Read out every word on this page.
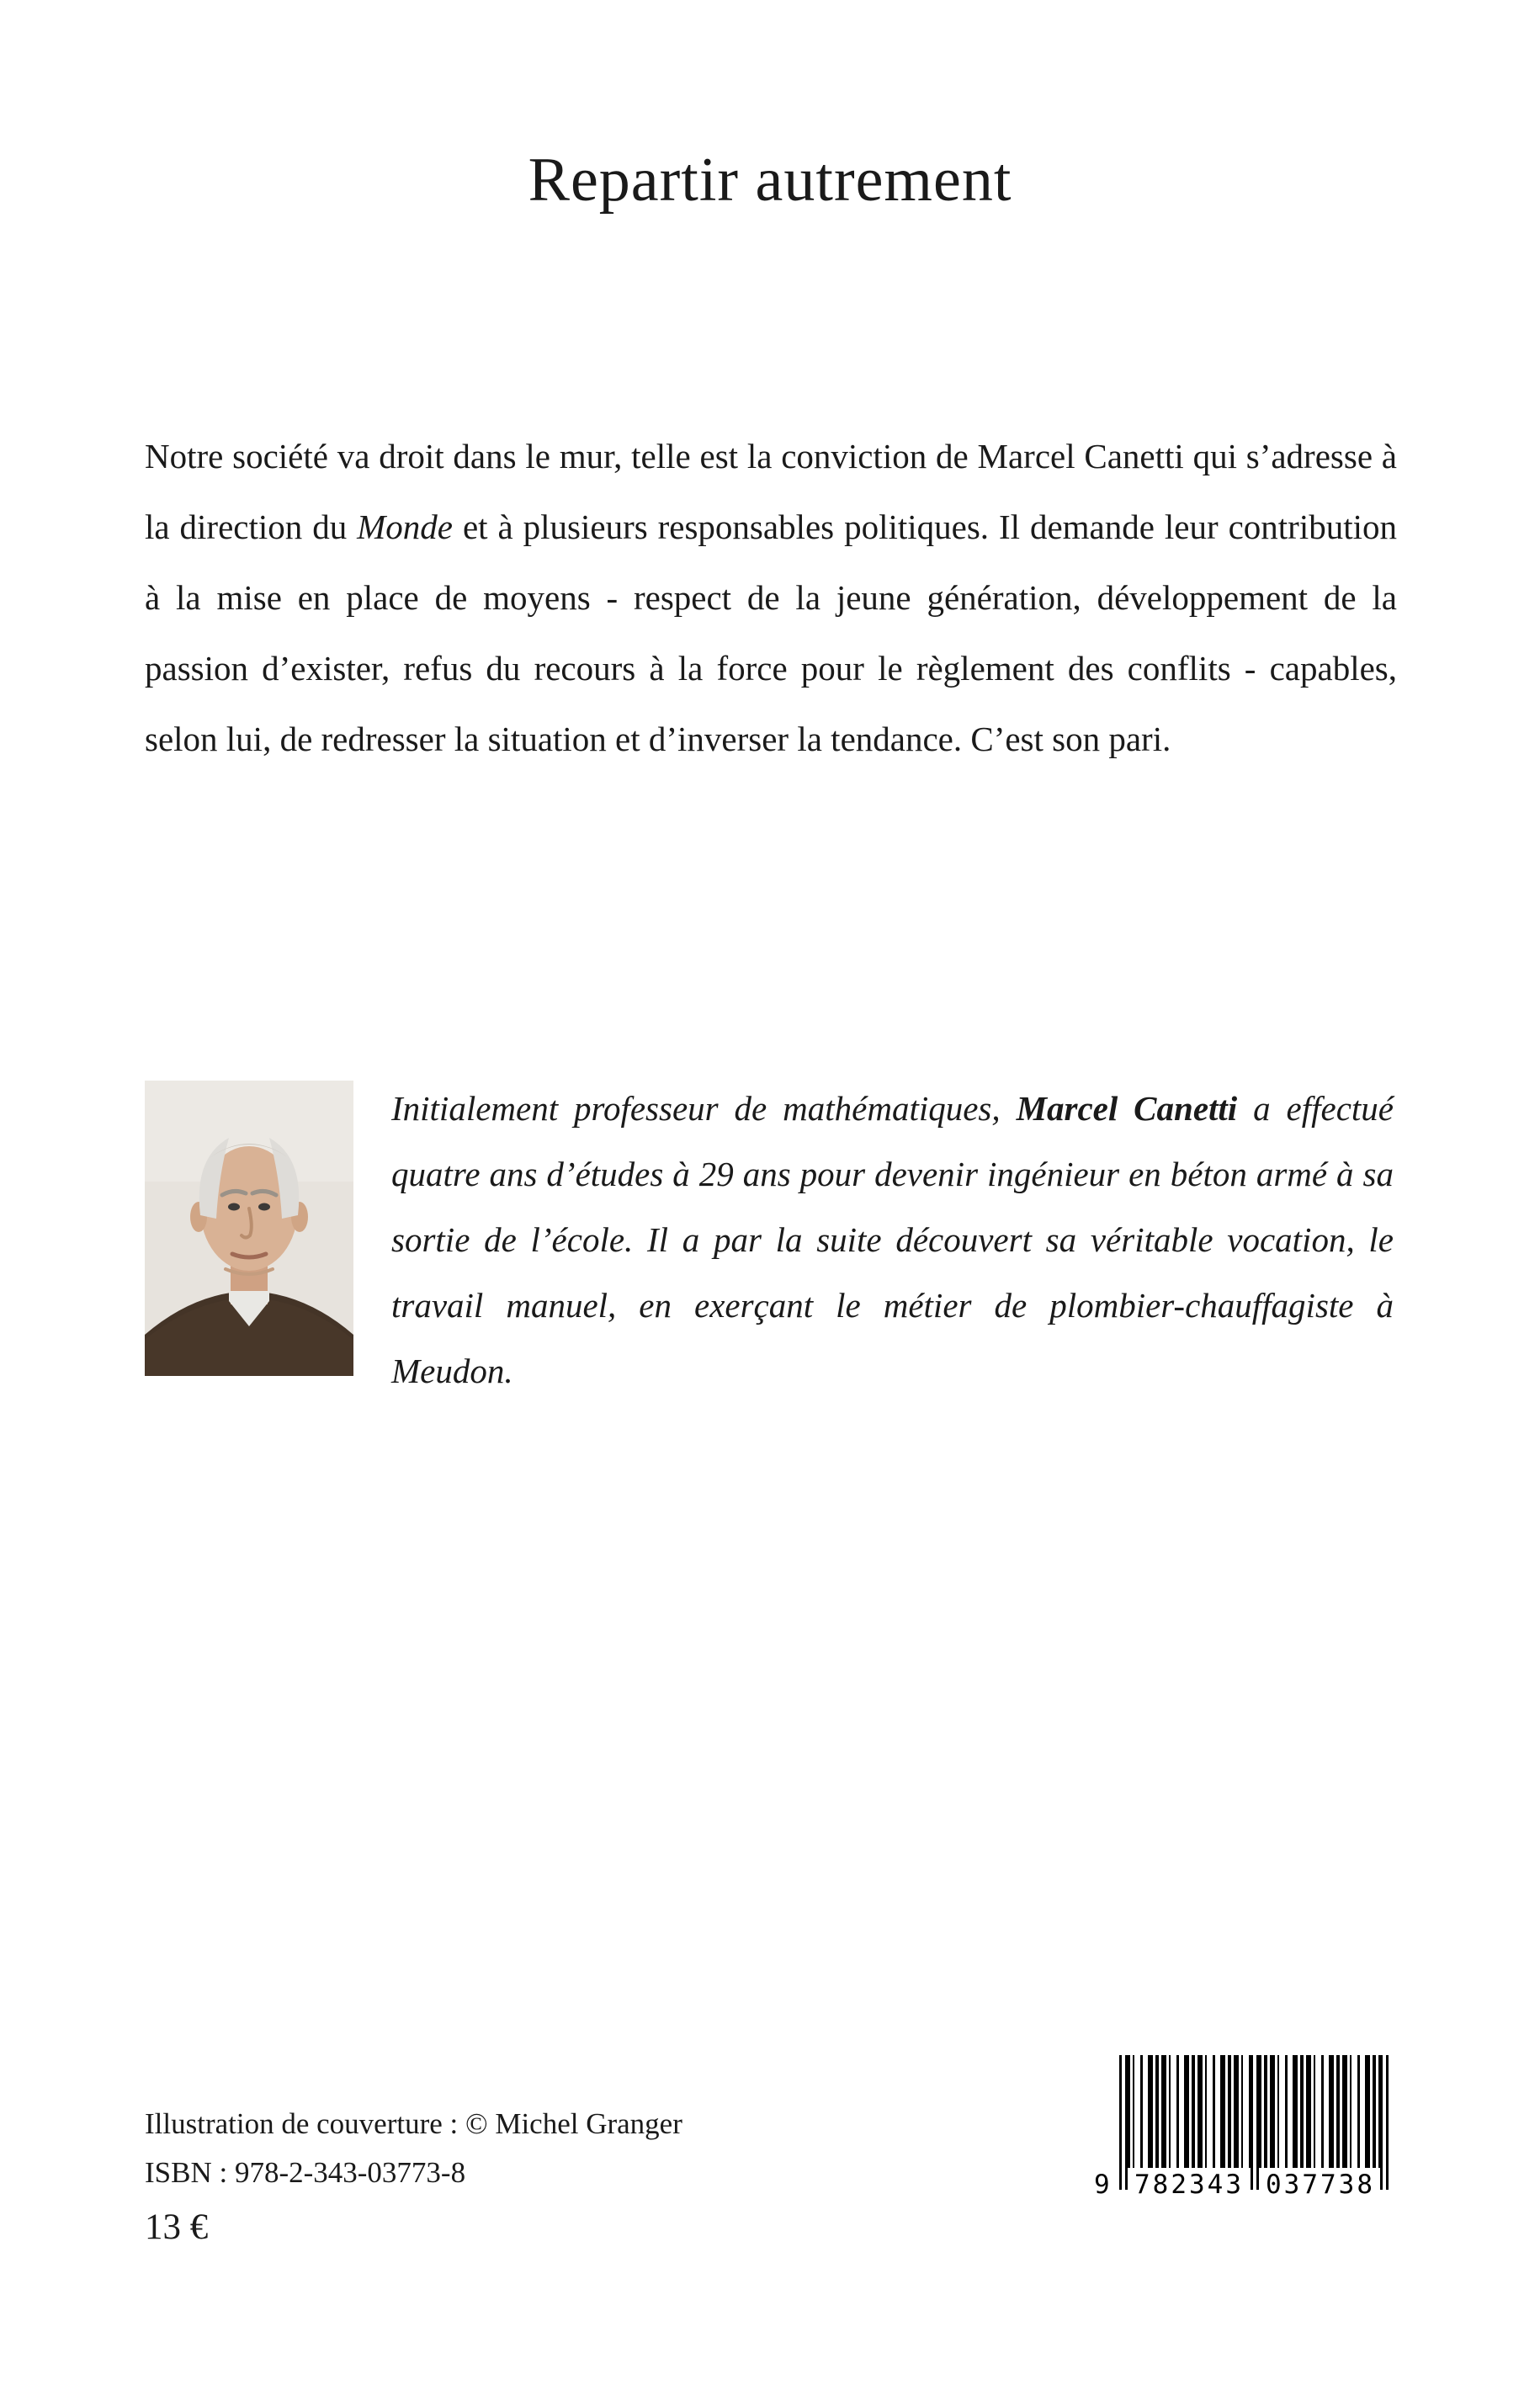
Repartir autrement

Notre société va droit dans le mur, telle est la conviction de Marcel Canetti qui s’adresse à la direction du Monde et à plusieurs responsables politiques. Il demande leur contribution à la mise en place de moyens - respect de la jeune génération, développement de la passion d’exister, refus du recours à la force pour le règlement des conflits - capables, selon lui, de redresser la situation et d’inverser la tendance. C’est son pari.

Initialement professeur de mathématiques, Marcel Canetti a effectué quatre ans d’études à 29 ans pour devenir ingénieur en béton armé à sa sortie de l’école. Il a par la suite découvert sa véritable vocation, le travail manuel, en exerçant le métier de plombier-chauffagiste à Meudon.

Illustration de couverture : © Michel Granger

ISBN : 978-2-343-03773-8

13 €

9 782343 037738
